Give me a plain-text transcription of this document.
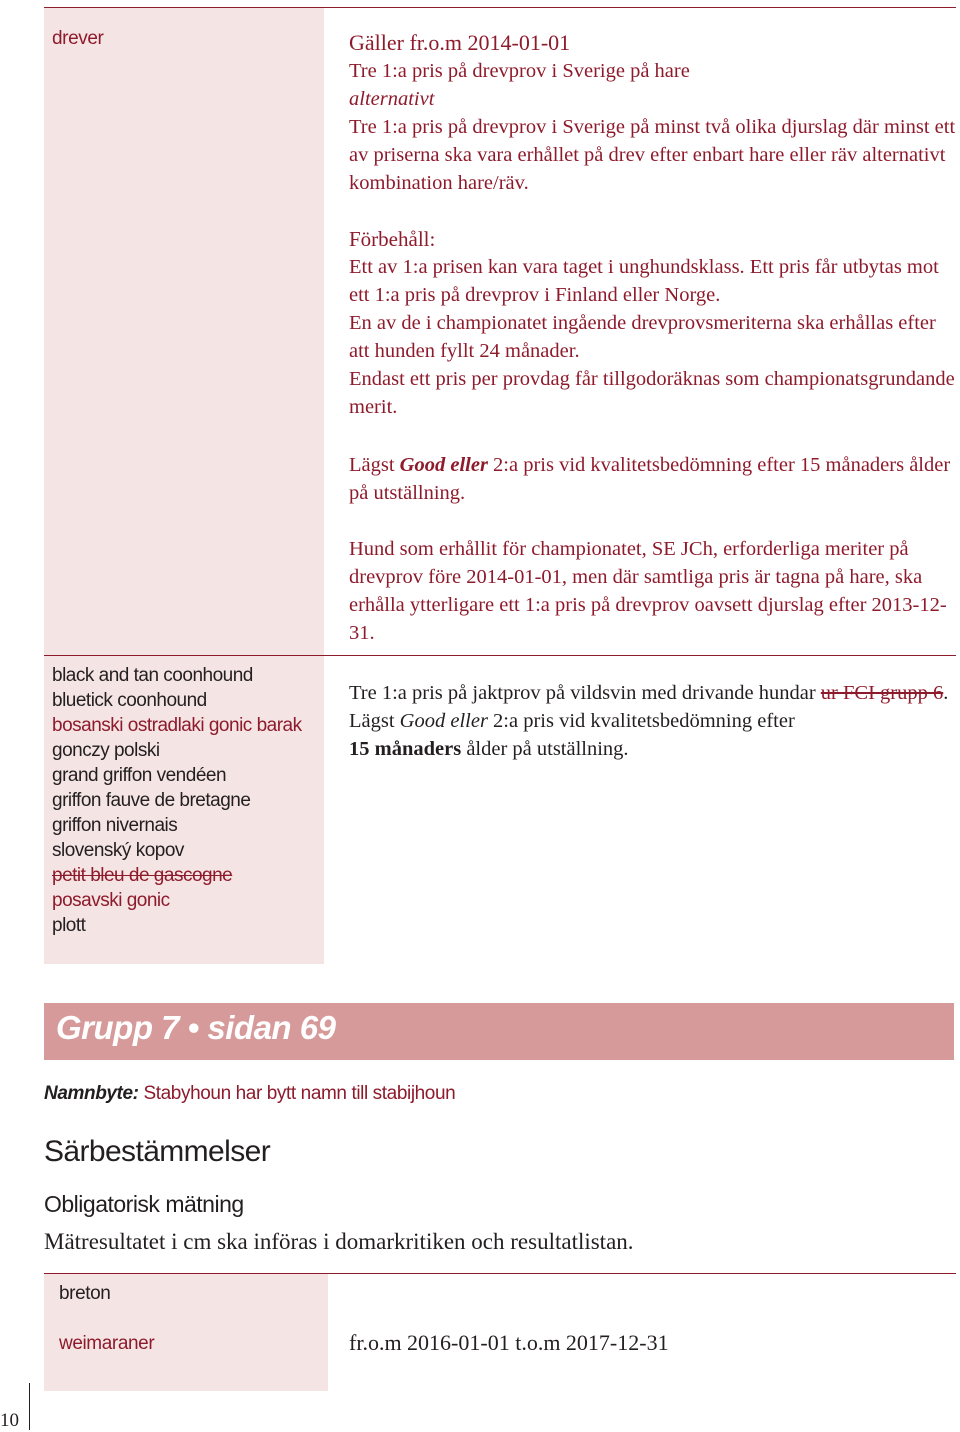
drever	Gäller fr.o.m 2014-01-01

Tre 1:a pris på drevprov i Sverige på hare

alternativt

Tre 1:a pris på drevprov i Sverige på minst två olika djurslag där minst ett av priserna ska vara erhållet på drev efter enbart hare eller räv alternativt kombination hare/räv.

Förbehåll:

Ett av 1:a prisen kan vara taget i unghundsklass. Ett pris får utbytas mot ett 1:a pris på drevprov i Finland eller Norge.

En av de i championatet ingående drevprovsmeriterna ska erhållas efter att hunden fyllt 24 månader.

Endast ett pris per provdag får tillgodoräknas som championatsgrundande merit.

Lägst Good eller 2:a pris vid kvalitetsbedömning efter 15 månaders ålder på utställning.

Hund som erhållit för championatet, SE JCh, erforderliga meriter på drevprov före 2014-01-01, men där samtliga pris är tagna på hare, ska erhålla ytterligare ett 1:a pris på drevprov oavsett djurslag efter 2013-12-31.

black and tan coonhound
bluetick coonhound
bosanski ostradlaki gonic barak
gonczy polski
grand griffon vendéen
griffon fauve de bretagne
griffon nivernais
slovenský kopov
petit bleu de gascogne
posavski gonic
plott

Tre 1:a pris på jaktprov på vildsvin med drivande hundar ur FCI grupp 6.

Lägst Good eller 2:a pris vid kvalitetsbedömning efter

15 månaders ålder på utställning.

Grupp 7 • sidan 69
Namnbyte: Stabyhoun har bytt namn till stabijhoun
Särbestämmelser
Obligatorisk mätning
Mätresultatet i cm ska införas i domarkritiken och resultatlistan.
breton
weimaraner	fr.o.m 2016-01-01 t.o.m 2017-12-31
10
